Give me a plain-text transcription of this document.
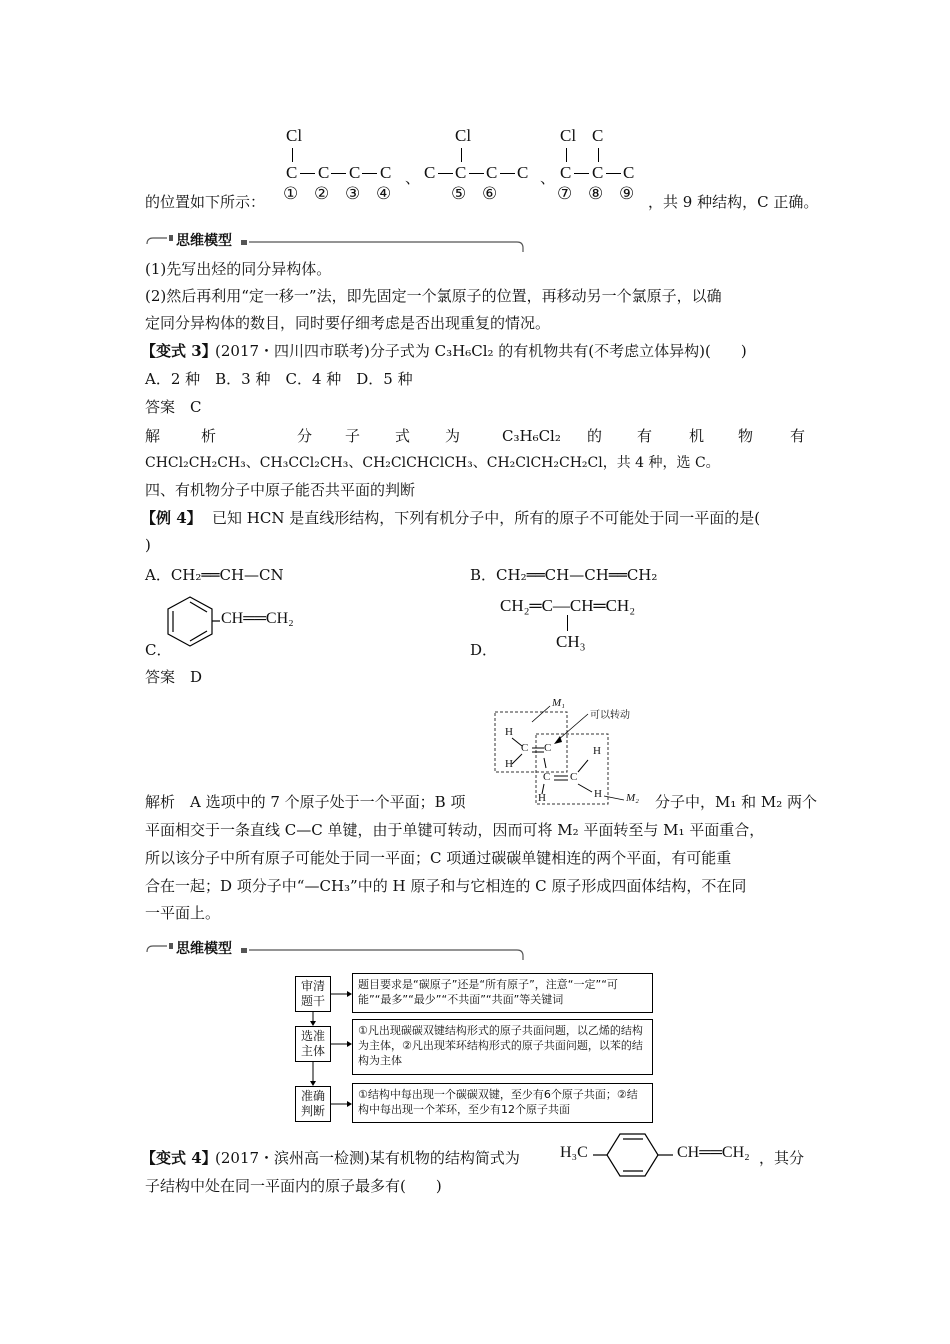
Cl
C C C C
① ② ③ ④
、
Cl
C C C C
⑤ ⑥
、
Cl C
C C C
⑦ ⑧ ⑨
的位置如下所示：	，共 9 种结构，C 正确。
思维模型
(1)先写出烃的同分异构体。
(2)然后再利用“定一移一”法，即先固定一个氯原子的位置，再移动另一个氯原子，以确
定同分异构体的数目，同时要仔细考虑是否出现重复的情况。
【变式 3】
(2017・四川四市联考)分子式为 C₃H₆Cl₂ 的有机物共有(不考虑立体异构)(　　)
A．2 种　B．3 种　C．4 种　D．5 种
答案　C
解	析	分 子 式 为	C₃H₆Cl₂ 的 有 机 物 有
CHCl₂CH₂CH₃、CH₃CCl₂CH₃、CH₂ClCHClCH₃、CH₂ClCH₂CH₂Cl，共 4 种，选 C。
四、有机物分子中原子能否共平面的判断
【例 4】 已知 HCN 是直线形结构，下列有机分子中，所有的原子不可能处于同一平面的是(
)
A．CH₂══CH—CN	B．CH₂══CH—CH══CH₂
CH══CH₂
C．
CH₂═C—CH═CH₂
CH₃
D．
答案　D
M₁
可以转动
H
H
C C	H
H	H
C C
M₂
解析　A 选项中的 7 个原子处于一个平面；B 项	分子中，M₁ 和 M₂ 两个
平面相交于一条直线 C—C 单键，由于单键可转动，因而可将 M₂ 平面转至与 M₁ 平面重合，
所以该分子中所有原子可能处于同一平面；C 项通过碳碳单键相连的两个平面，有可能重
合在一起；D 项分子中“—CH₃”中的 H 原子和与它相连的 C 原子形成四面体结构，不在同
一平面上。
思维模型
审清题干
题目要求是“碳原子”还是“所有原子”，注意“一定”“可能”“最多”“最少”“不共面”“共面”等关键词
选准主体
①凡出现碳碳双键结构形式的原子共面问题，以乙烯的结构为主体，②凡出现苯环结构形式的原子共面问题，以苯的结构为主体
准确判断
①结构中每出现一个碳碳双键，至少有6个原子共面；②结构中每出现一个苯环，至少有12个原子共面
【变式 4】
(2017・滨州高一检测)某有机物的结构简式为	H₃C	CH══CH₂ ，其分
子结构中处在同一平面内的原子最多有(　　)
